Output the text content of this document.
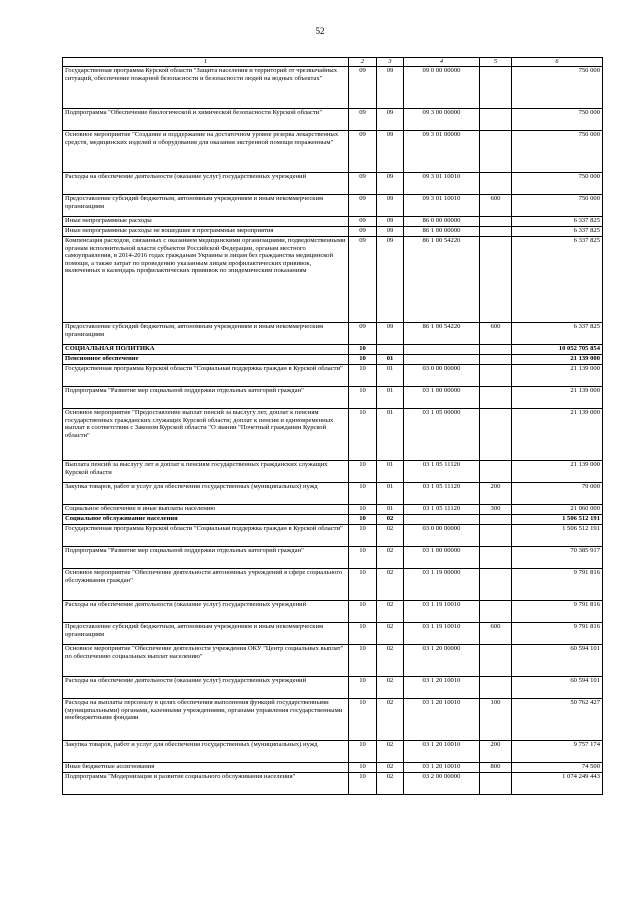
52
1	2	3	4	5	6
Государственная программа Курской области "Защита населения и территорий от чрезвычайных ситуаций, обеспечение пожарной безопасности и безопасности людей на водных объектах"	09	09	09 0 00 00000		750 000
Подпрограмма "Обеспечение биологической и химической безопасности Курской области"	09	09	09 3 00 00000		750 000
Основное мероприятие "Создание и поддержание на достаточном уровне резерва лекарственных средств, медицинских изделий и оборудования для оказания экстренной помощи пораженным"	09	09	09 3 01 00000		750 000
Расходы на обеспечение деятельности (оказание услуг) государственных учреждений	09	09	09 3 01 10010		750 000
Предоставление субсидий бюджетным, автономным учреждениям и иным некоммерческим организациям	09	09	09 3 01 10010	600	750 000
Иные непрограммные расходы	09	09	86 0 00 00000		6 337 825
Иные непрограммные расходы не вошедшие в программные мероприятия	09	09	86 1 00 00000		6 337 825
Компенсация расходов, связанных с оказанием медицинскими организациями, подведомственными органам исполнительной власти субъектов Российской Федерации, органам местного самоуправления, в 2014-2016 годах гражданам Украины и лицам без гражданства медицинской помощи, а также затрат по проведению указанным лицам профилактических прививок, включенных в календарь профилактических прививок по эпидемическим показаниям	09	09	86 1 00 54220		6 337 825
Предоставление субсидий бюджетным, автономным учреждениям и иным некоммерческим организациям	09	09	86 1 00 54220	600	6 337 825
СОЦИАЛЬНАЯ ПОЛИТИКА	10				10 052 705 854
Пенсионное обеспечение	10	01			21 139 000
Государственная программа Курской области "Социальная поддержка граждан в Курской области"	10	01	03 0 00 00000		21 139 000
Подпрограмма "Развитие мер социальной поддержки отдельных категорий граждан"	10	01	03 1 00 00000		21 139 000
Основное мероприятие "Предоставление выплат пенсий за выслугу лет, доплат к пенсиям государственных гражданских служащих Курской области; доплат к пенсии и единовременных выплат в соответствии с Законом Курской области "О звании "Почетный гражданин Курской области"	10	01	03 1 05 00000		21 139 000
Выплата пенсий за выслугу лет и доплат к пенсиям государственных гражданских служащих Курской области	10	01	03 1 05 11120		21 139 000
Закупка товаров, работ и услуг для обеспечения государственных (муниципальных) нужд	10	01	03 1 05 11120	200	79 000
Социальное обеспечение и иные выплаты населению	10	01	03 1 05 11120	300	21 060 000
Социальное обслуживание населения	10	02			1 506 512 191
Государственная программа Курской области "Социальная поддержка граждан в Курской области"	10	02	03 0 00 00000		1 506 512 191
Подпрограмма "Развитие мер социальной поддержки отдельных категорий граждан"	10	02	03 1 00 00000		70 385 917
Основное мероприятие "Обеспечение деятельности автономных учреждений в сфере социального обслуживания граждан"	10	02	03 1 19 00000		9 791 816
Расходы на обеспечение деятельности (оказание услуг) государственных учреждений	10	02	03 1 19 10010		9 791 816
Предоставление субсидий бюджетным, автономным учреждениям и иным некоммерческим организациям	10	02	03 1 19 10010	600	9 791 816
Основное мероприятие "Обеспечение деятельности учреждения ОКУ "Центр социальных выплат" по обеспечению социальных выплат населению"	10	02	03 1 20 00000		60 594 101
Расходы на обеспечение деятельности (оказание услуг) государственных учреждений	10	02	03 1 20 10010		60 594 101
Расходы на выплаты персоналу в целях обеспечения выполнения функций государственными (муниципальными) органами, казенными учреждениями, органами управления государственными внебюджетными фондами	10	02	03 1 20 10010	100	50 762 427
Закупка товаров, работ и услуг для обеспечения государственных (муниципальных) нужд	10	02	03 1 20 10010	200	9 757 174
Иные бюджетные ассигнования	10	02	03 1 20 10010	800	74 500
Подпрограмма "Модернизация и развитие социального обслуживания населения"	10	02	03 2 00 00000		1 074 249 443
